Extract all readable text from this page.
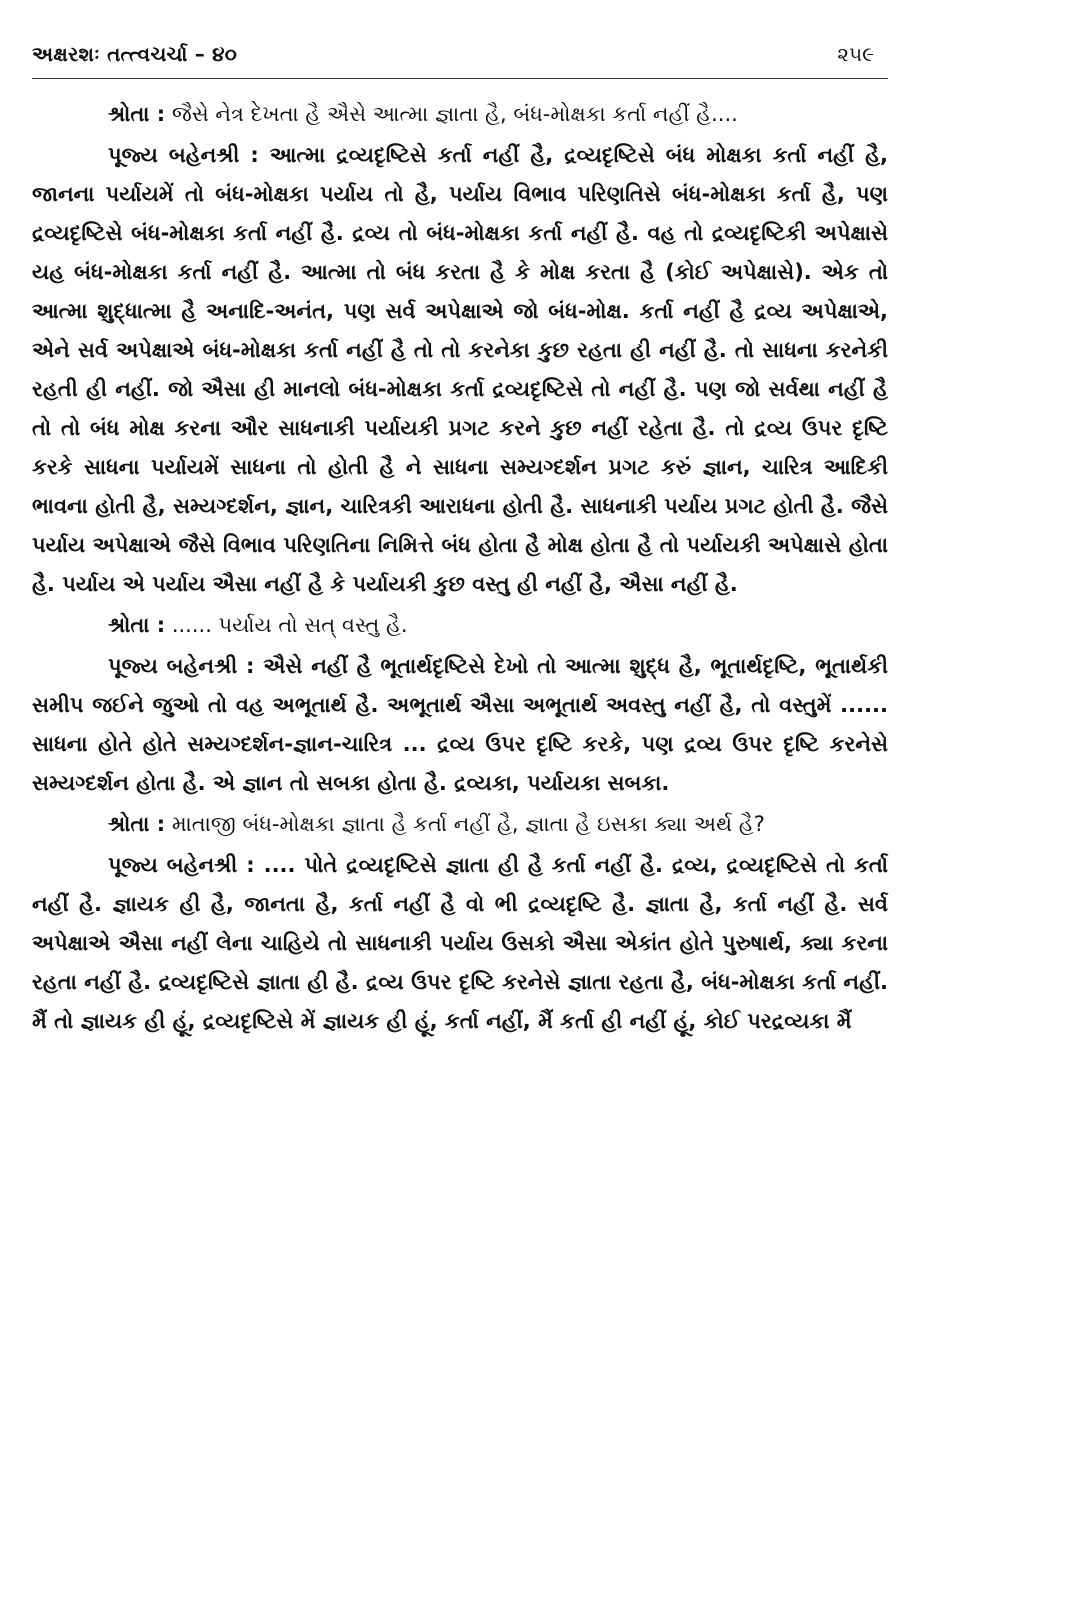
અક્ષરશઃ તત્ત્વચર્ચા – ૪૦	૨૫૯

શ્રોતા : જૈસે નેત્ર દેખતા હૈ ઐસે આત્મા જ્ઞાતા હૈ, બંધ-મોક્ષકા કર્તા નહીં હૈ....

પૂજ્ય બહેનશ્રી : આત્મા દ્રવ્યદૃષ્ટિસે કર્તા નહીં હૈ, દ્રવ્યદૃષ્ટિસે બંધ મોક્ષકા કર્તા નહીં હૈ, જાનના પર્યાયમેં તો બંધ-મોક્ષકા પર્યાય તો હૈ, પર્યાય વિભાવ પરિણતિસે બંધ-મોક્ષકા કર્તા હૈ, પણ દ્રવ્યદૃષ્ટિસે બંધ-મોક્ષકા કર્તા નહીં હૈ. દ્રવ્ય તો બંધ-મોક્ષકા કર્તા નહીં હૈ. વહ તો દ્રવ્યદૃષ્ટિકી અપેક્ષાસે યહ બંધ-મોક્ષકા કર્તા નહીં હૈ. આત્મા તો બંધ કરતા હૈ કે મોક્ષ કરતા હૈ (કોઈ અપેક્ષાસે). એક તો આત્મા શુદ્ધાત્મા હૈ અનાદિ-અનંત, પણ સર્વ અપેક્ષાએ જો બંધ-મોક્ષ. કર્તા નહીં હૈ દ્રવ્ય અપેક્ષાએ, એને સર્વ અપેક્ષાએ બંધ-મોક્ષકા કર્તા નહીં હૈ તો તો કરનેકા કુછ રહતા હી નહીં હૈ. તો સાધના કરનેકી રહતી હી નહીં. જો ઐસા હી માનલો બંધ-મોક્ષકા કર્તા દ્રવ્યદૃષ્ટિસે તો નહીં હૈ. પણ જો સર્વથા નહીં હૈ તો તો બંધ મોક્ષ કરના ઔર સાધનાકી પર્યાયકી પ્રગટ કરને કુછ નહીં રહેતા હૈ. તો દ્રવ્ય ઉપર દૃષ્ટિ કરકે સાધના પર્યાયમેં સાધના તો હોતી હૈ ને સાધના સમ્યગ્દર્શન પ્રગટ કરું જ્ઞાન, ચારિત્ર આદિકી ભાવના હોતી હૈ, સમ્યગ્દર્શન, જ્ઞાન, ચારિત્રકી આરાધના હોતી હૈ. સાધનાકી પર્યાય પ્રગટ હોતી હૈ. જૈસે પર્યાય અપેક્ષાએ જૈસે વિભાવ પરિણતિના નિમિત્તે બંધ હોતા હૈ મોક્ષ હોતા હૈ તો પર્યાયકી અપેક્ષાસે હોતા હૈ. પર્યાય એ પર્યાય ઐસા નહીં હૈ કે પર્યાયકી કુછ વસ્તુ હી નહીં હૈ, ઐસા નહીં હૈ.

શ્રોતા : ...... પર્યાય તો સત્ વસ્તુ હૈ.

પૂજ્ય બહેનશ્રી : ઐસે નહીં હૈ ભૂતાર્થદૃષ્ટિસે દેખો તો આત્મા શુદ્ધ હૈ, ભૂતાર્થદૃષ્ટિ, ભૂતાર્થકી સમીપ જઈને જુઓ તો વહ અભૂતાર્થ હૈ. અભૂતાર્થ ઐસા અભૂતાર્થ અવસ્તુ નહીં હૈ, તો વસ્તુમેં ...... સાધના હોતે હોતે સમ્યગ્દર્શન-જ્ઞાન-ચારિત્ર ... દ્રવ્ય ઉપર દૃષ્ટિ કરકે, પણ દ્રવ્ય ઉપર દૃષ્ટિ કરનેસે સમ્યગ્દર્શન હોતા હૈ. એ જ્ઞાન તો સબકા હોતા હૈ. દ્રવ્યકા, પર્યાયકા સબકા.

શ્રોતા : માતાજી બંધ-મોક્ષકા જ્ઞાતા હૈ કર્તા નહીં હૈ, જ્ઞાતા હૈ ઇસકા ક્યા અર્થ હૈ?

પૂજ્ય બહેનશ્રી : .... પોતે દ્રવ્યદૃષ્ટિસે જ્ઞાતા હી હૈ કર્તા નહીં હૈ. દ્રવ્ય, દ્રવ્યદૃષ્ટિસે તો કર્તા નહીં હૈ. જ્ઞાયક હી હૈ, જાનતા હૈ, કર્તા નહીં હૈ વો ભી દ્રવ્યદૃષ્ટિ હૈ. જ્ઞાતા હૈ, કર્તા નહીં હૈ. સર્વ અપેક્ષાએ ઐસા નહીં લેના ચાહિયે તો સાધનાકી પર્યાય ઉસકો ઐસા એકાંત હોતે પુરુષાર્થ, ક્યા કરના રહતા નહીં હૈ. દ્રવ્યદૃષ્ટિસે જ્ઞાતા હી હૈ. દ્રવ્ય ઉપર દૃષ્ટિ કરનેસે જ્ઞાતા રહતા હૈ, બંધ-મોક્ષકા કર્તા નહીં. મૈં તો જ્ઞાયક હી હૂં, દ્રવ્યદૃષ્ટિસે મેં જ્ઞાયક હી હૂં, કર્તા નહીં, મૈં કર્તા હી નહીં હૂં, કોઈ પરદ્રવ્યકા મૈં
